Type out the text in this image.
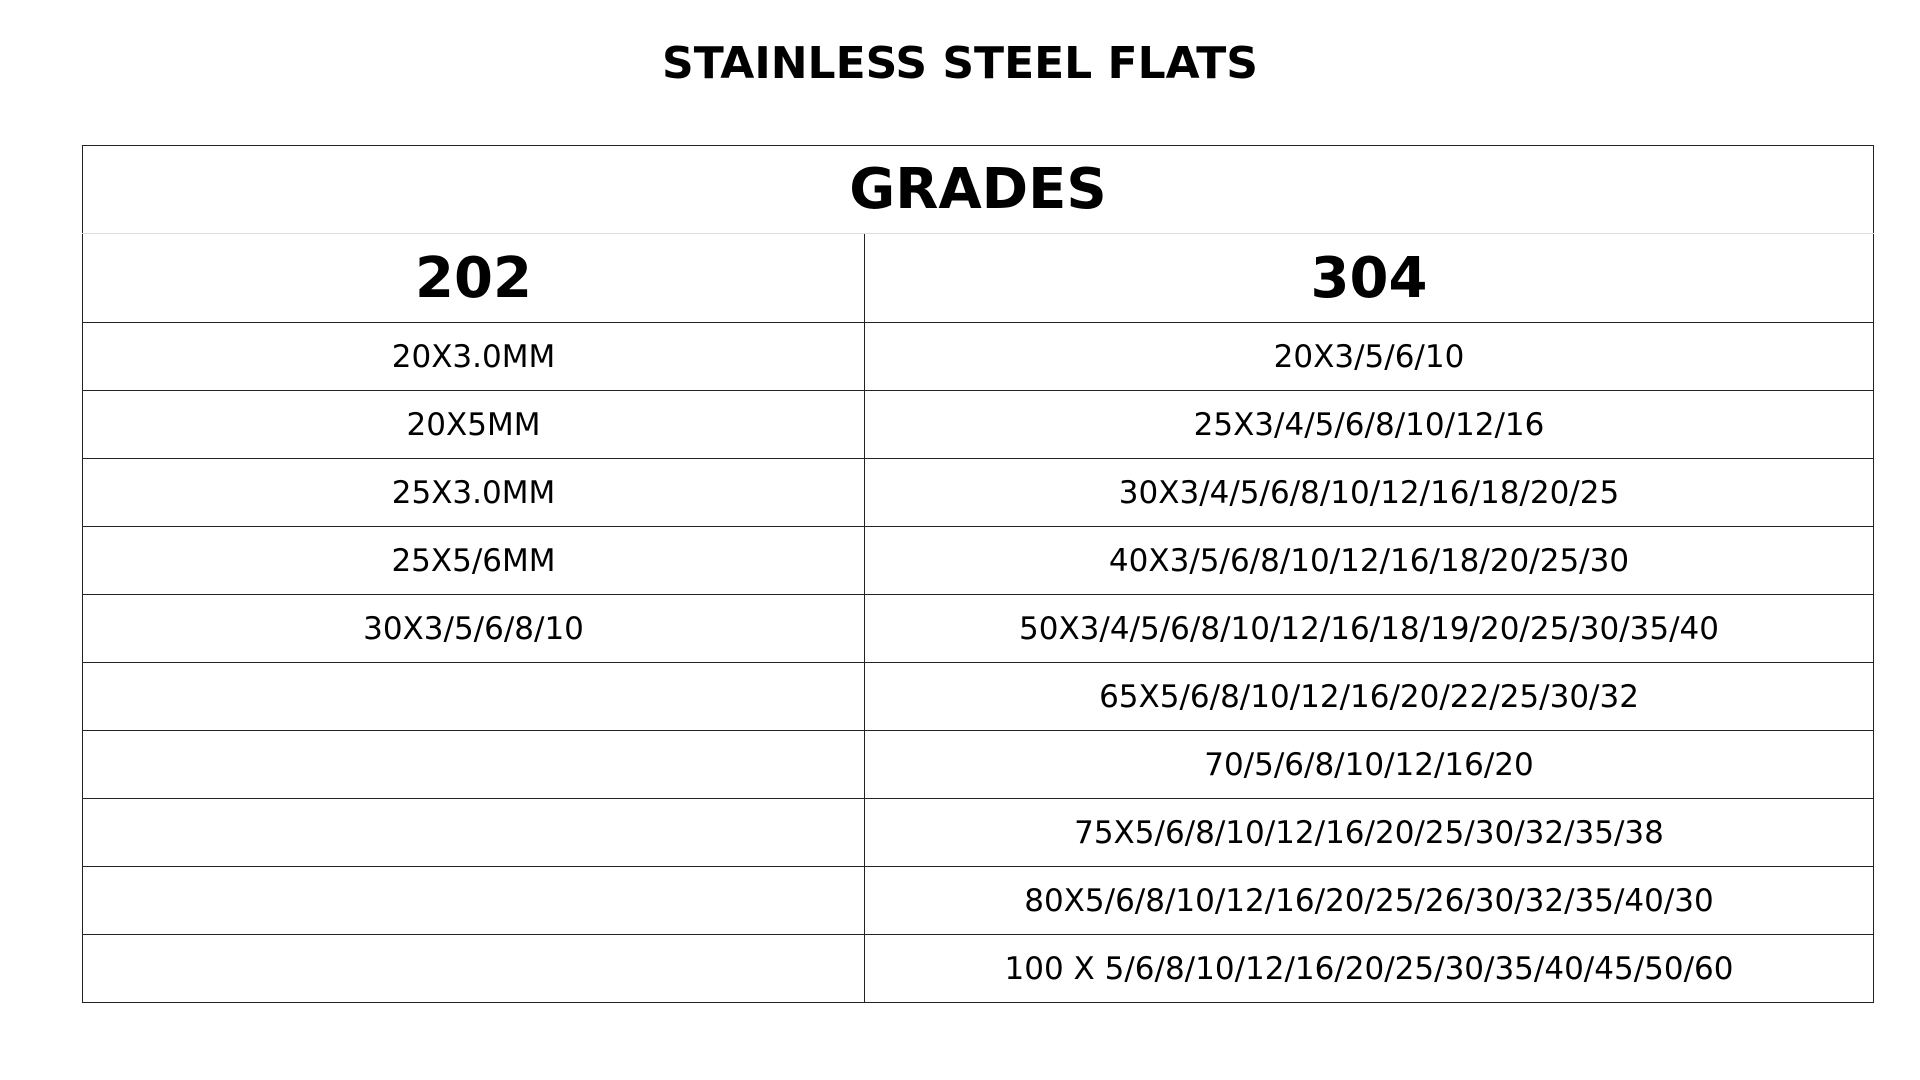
STAINLESS STEEL FLATS
GRADES	
202	304
20X3.0MM	20X3/5/6/10
20X5MM	25X3/4/5/6/8/10/12/16
25X3.0MM	30X3/4/5/6/8/10/12/16/18/20/25
25X5/6MM	40X3/5/6/8/10/12/16/18/20/25/30
30X3/5/6/8/10	50X3/4/5/6/8/10/12/16/18/19/20/25/30/35/40
	65X5/6/8/10/12/16/20/22/25/30/32
	70/5/6/8/10/12/16/20
	75X5/6/8/10/12/16/20/25/30/32/35/38
	80X5/6/8/10/12/16/20/25/26/30/32/35/40/30
	100 X 5/6/8/10/12/16/20/25/30/35/40/45/50/60
